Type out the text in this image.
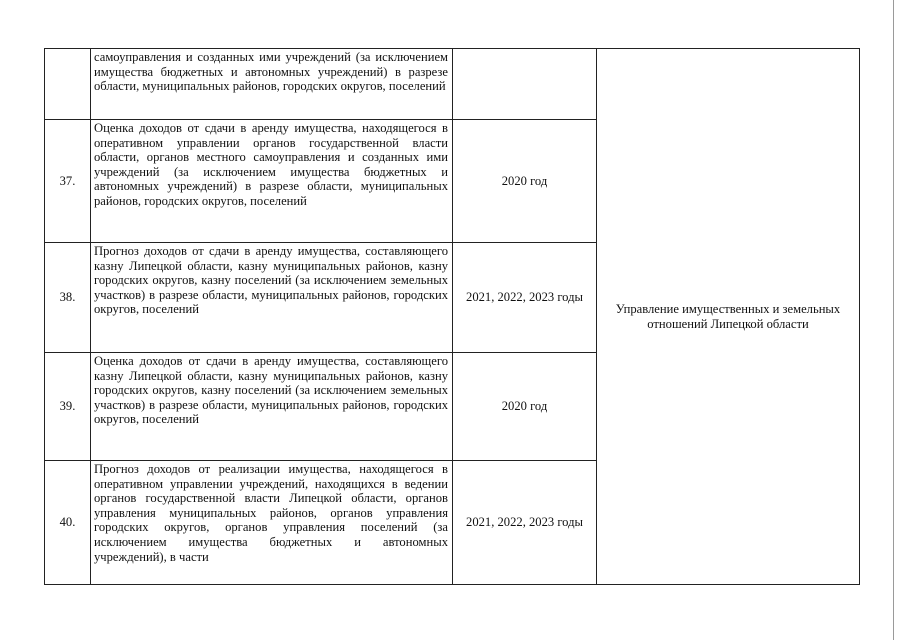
	самоуправления и созданных ими учреждений (за исключением имущества бюджетных и автономных учреждений) в разрезе области, муниципальных районов, городских округов, поселений		Управление имущественных и земельных отношений Липецкой области
37.	Оценка доходов от сдачи в аренду имущества, находящегося в оперативном управлении органов государственной власти области, органов местного самоуправления и созданных ими учреждений (за исключением имущества бюджетных и автономных учреждений) в разрезе области, муниципальных районов, городских округов, поселений	2020 год	
38.	Прогноз доходов от сдачи в аренду имущества, составляющего казну Липецкой области, казну муниципальных районов, казну городских округов, казну поселений (за исключением земельных участков) в разрезе области, муниципальных районов, городских округов, поселений	2021, 2022, 2023 годы	
39.	Оценка доходов от сдачи в аренду имущества, составляющего казну Липецкой области, казну муниципальных районов, казну городских округов, казну поселений (за исключением земельных участков) в разрезе области, муниципальных районов, городских округов, поселений	2020 год	
40.	Прогноз доходов от реализации имущества, находящегося в оперативном управлении учреждений, находящихся в ведении органов государственной власти Липецкой области, органов управления муниципальных районов, органов управления городских округов, органов управления поселений (за исключением имущества бюджетных и автономных учреждений), в части	2021, 2022, 2023 годы	
